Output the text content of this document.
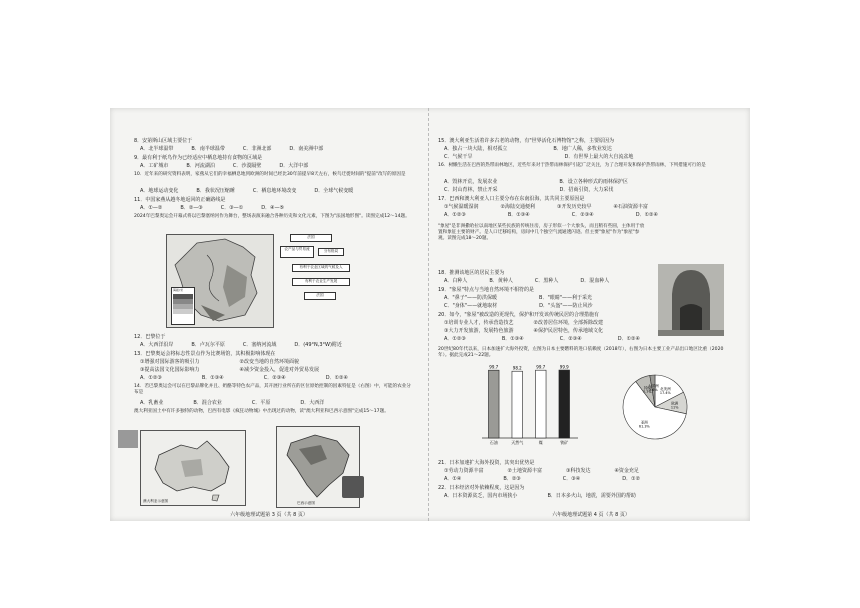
8．安第斯山区域主要位于
A．北半球温带	B．南半球温带	C．非洲北部	D．南美洲中部
9．最有利于纸鸟作为已经适应中栖息地持有食物的区域是
A．工矿城市	B．河流湖泊	C．沙漠隔壁	D．大洋中部
10．近年来的研究资料表明，家燕从它们的幸福栖息地到欧洲的时间已经比30年前提早8天左右，候鸟迁徙时间的"提前"改写的原因是
A．地球运动变化	B．我状况压缩睡	C．栖息地环境改变	D．全球气候变暖
11．中国家燕从越冬地返回的正确路线是
A．①—②	B．②—③	C．③—①	D．④—⑤
2024年巴黎奥运会开幕式将以巴黎塞纳河作为舞台，整场表演来融合各种历史和文化元素，下图为"法国地形图"。读图完成12～14题。
海拔/米
法国
农产品与贸易流	分布格局
有利于农业区域的气候及人
有利于农业生产发展
法国
12．巴黎位于
A．大西洋沿岸	B．卢瓦尔平原	C．塞纳河流域	D．(49°N,3°W)附近
13．巴黎奥运会将标志性景点作为比赛场馆，其积极影响体现在
①增强对国际游客的吸引力	②改变当地的自然环境面貌
③提高法国文化国际影响力	④减少资金投入，促进对外贸易发展
A．①②③	B．①③④	C．②③④	D．①②④
14．若巴黎奥运会可以在巴黎品牌化并且、奶酪等特色农产品，其开展行业所在的区位原始控制的因素特征是（右图）中，可能的农业分布是
A．乳畜业	B．混合农业	C．平原	D．大西洋
澳大利亚国土中有许多独特的动物，巴西有电影《疯狂动物城》中出现过的动物，读"澳大利亚和巴西示意图"完成15～17题。
澳大利亚示意图	巴西示意图
六年级地理试题第 3 页（共 8 页）
15．澳大利亚生活着许多古老的动物，有"世界活化石博物馆"之称，主要原因为
A．独占一块大陆，相对孤立	B．地广人稀，多牧业发达
C．气候干旱	D．有世界上最大的大自流盆地
16．树懒生活在巴西的热带雨林地区，近些年来对于热带雨林保护引起广泛关注，为了合理开发和保护热带雨林，下列措施可行的是
A．毁林开荒，发展农业	B．设立各种形式的雨林保护区
C．封山育林，禁止开采	D．招商引资，大力采伐
17．巴西和澳大利亚人口主要分布在东南沿海，其共同主要原因是
①气候温暖湿润	②海陆交通便利	③开发历史较早	④石油资源丰富
A．①②③	B．①③④	C．②③④	D．①②④
"象屋"是非洲撒哈拉以南地区某些民族的传统住房，房子形似一个大象头，而且稍有些圆，主体用于放置和象征主要的财产。是人口迁移结构，房间中几个独空气流通透闪迹。但主要"象屋"作为"象屋"参观。读图完成18～20题。
18．推测该地区的居民主要为
A．白种人	B．黄种人	C．黑种人	D．混血种人
19．"象屋"特点与当地自然环境不相符的是
A．"鼻子"——防洪保暖	B．"眼睛"——利于采光
C．"身体"——就地取材	D．"头盔"——防止风沙
20．如今，"象屋"被改造的更现代，保护和开发该传统民居的合理措施有
①培训专业人才，传承营造技艺	②改善居住环境，全部拆除改建
③大力开发旅游，发展特色旅游	④保护民居特色，传承地域文化
A．①②③	B．①③④	C．②③④	D．①②④
20世纪80年代以来，日本加速扩大海外投资，左图为日本主要燃料的进口依赖度（2018年），右图为日本主要工业产品出口地区比重（2020年）。据此完成21～22题。
99.7
石油
98.2
天然气
99.7
煤
99.9
铁矿
北美洲
17.4%
欧洲
11%
亚洲
61.3%
其他
7.7%
大洋洲
2.6%
21．日本加速扩大海外投资，其突出优势是
①劳动力资源丰富	②土地资源丰富	③科技发达	④资金充足
A．①④	B．②③	C．③④	D．①②
22．日本经济对外依赖程度，这是因为
A．日本资源贫乏，国内市场狭小	B．日本多火山，地震，需要外国的帮助
六年级地理试题第 4 页（共 8 页）
